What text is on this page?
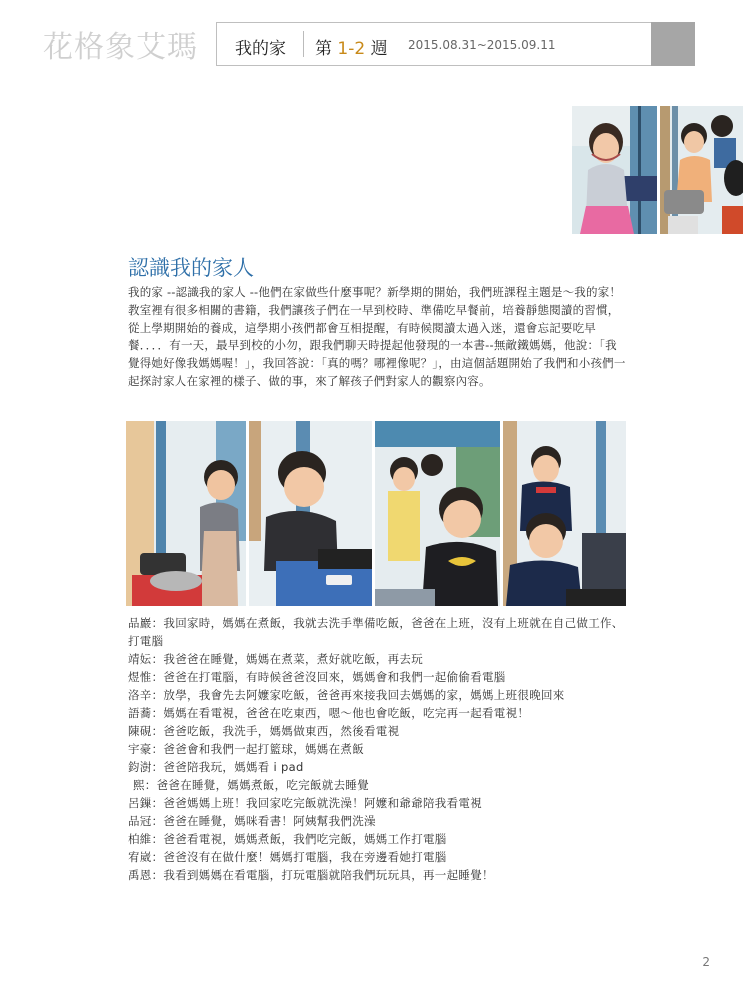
花格象艾瑪 我的家 第 1-2 週 2015.08.31~2015.09.11
認識我的家人

我的家 --認識我的家人 --他們在家做些什麼事呢？新學期的開始，我們班課程主題是～我的家！教室裡有很多相關的書籍，我們讓孩子們在一早到校時、準備吃早餐前，培養靜態閱讀的習慣，從上學期開始的養成，這學期小孩們都會互相提醒，有時候閱讀太過入迷，還會忘記要吃早餐．．．．有一天，最早到校的小勿，跟我們聊天時提起他發現的一本書--無敵鐵媽媽，他說：「我覺得她好像我媽媽喔！」，我回答說：「真的嗎？哪裡像呢？」，由這個話題開始了我們和小孩們一起探討家人在家裡的樣子、做的事，來了解孩子們對家人的觀察內容。

品巖：我回家時，媽媽在煮飯，我就去洗手準備吃飯，爸爸在上班，沒有上班就在自己做工作、打電腦

靖妘：我爸爸在睡覺，媽媽在煮菜，煮好就吃飯，再去玩

煜惟：爸爸在打電腦，有時候爸爸沒回來，媽媽會和我們一起偷偷看電腦

洛辛：放學，我會先去阿嬤家吃飯，爸爸再來接我回去媽媽的家，媽媽上班很晚回來

語蕎：媽媽在看電視，爸爸在吃東西，嗯～他也會吃飯，吃完再一起看電視！

陳硯：爸爸吃飯，我洗手，媽媽做東西，然後看電視

宇豪：爸爸會和我們一起打籃球，媽媽在煮飯

鈞澍：爸爸陪我玩，媽媽看 i pad

熙：爸爸在睡覺，媽媽煮飯，吃完飯就去睡覺

呂鏁：爸爸媽媽上班！我回家吃完飯就洗澡！阿嬤和爺爺陪我看電視

品冠：爸爸在睡覺，媽咪看書！阿姨幫我們洗澡

柏維：爸爸看電視，媽媽煮飯，我們吃完飯，媽媽工作打電腦

宥崴：爸爸沒有在做什麼！媽媽打電腦，我在旁邊看她打電腦

禹恩：我看到媽媽在看電腦，打玩電腦就陪我們玩玩具，再一起睡覺！

2
